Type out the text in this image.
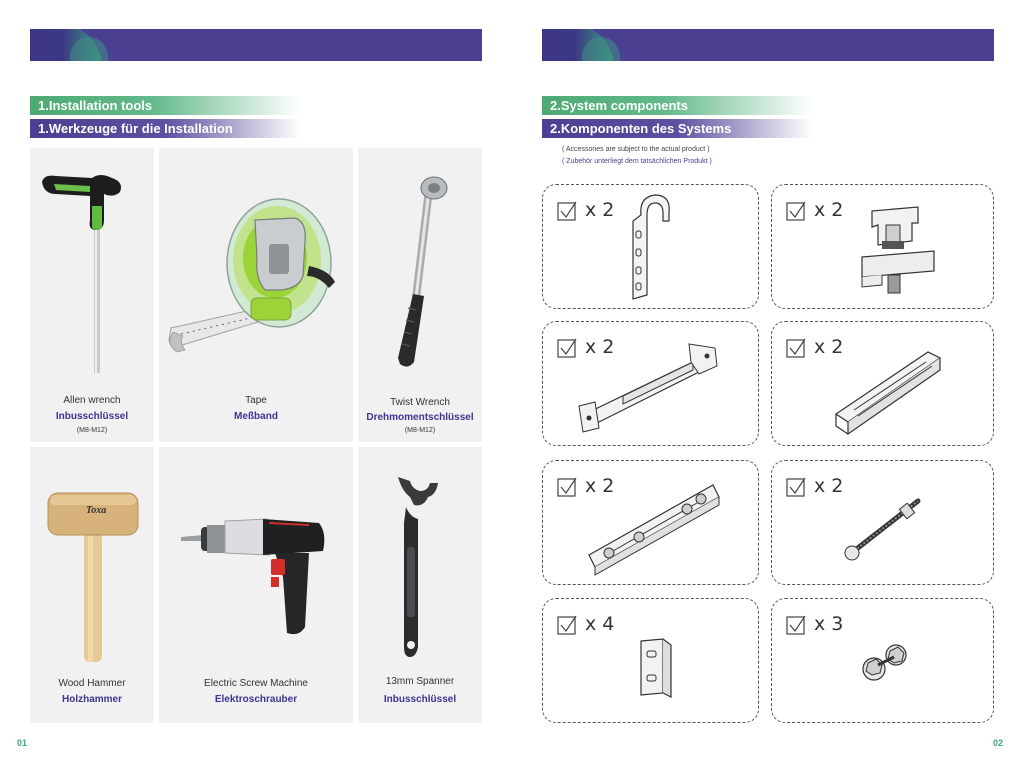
1.Installation tools
1.Werkzeuge für die Installation
Allen wrench
Inbusschlüssel
(M8-M12)
Tape
Meßband
Twist Wrench
Drehmomentschlüssel
(M8-M12)
Toxa
Wood Hammer
Holzhammer
Electric Screw Machine
Elektroschrauber
13mm Spanner
Inbusschlüssel
01
2.System components
2.Komponenten des Systems
( Accessories are subject to the actual product )
( Zubehör unterliegt dem tatsächlichen Produkt )
x 2	x 2
x 2	x 2
x 2	x 2
x 4	x 3
02
